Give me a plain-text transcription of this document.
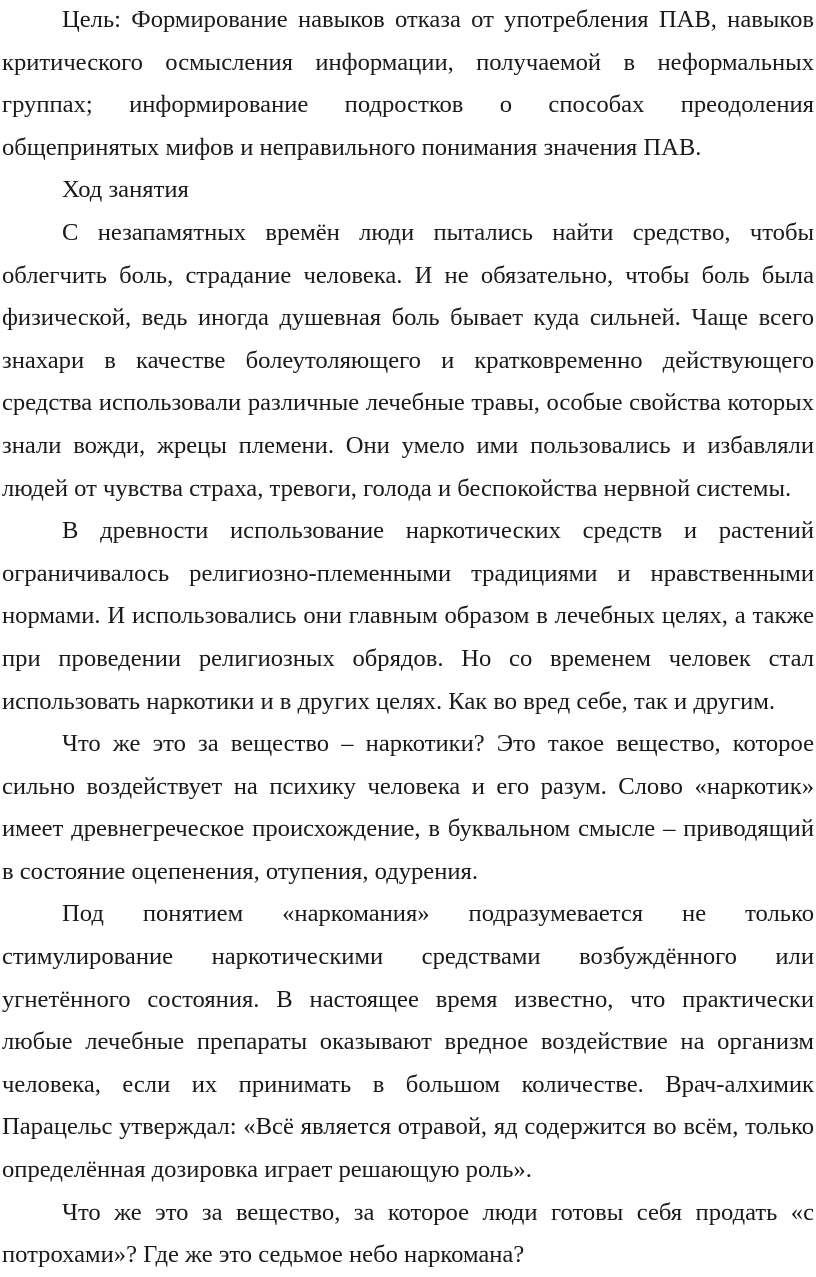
Цель: Формирование навыков отказа от употребления ПАВ, навыков критического осмысления информации, получаемой в неформальных группах; информирование подростков о способах преодоления общепринятых мифов и неправильного понимания значения ПАВ.

Ход занятия

С незапамятных времён люди пытались найти средство, чтобы облегчить боль, страдание человека. И не обязательно, чтобы боль была физической, ведь иногда душевная боль бывает куда сильней. Чаще всего знахари в качестве болеутоляющего и кратковременно действующего средства использовали различные лечебные травы, особые свойства которых знали вожди, жрецы племени. Они умело ими пользовались и избавляли людей от чувства страха, тревоги, голода и беспокойства нервной системы.

В древности использование наркотических средств и растений ограничивалось религиозно-племенными традициями и нравственными нормами. И использовались они главным образом в лечебных целях, а также при проведении религиозных обрядов. Но со временем человек стал использовать наркотики и в других целях. Как во вред себе, так и другим.

Что же это за вещество – наркотики? Это такое вещество, которое сильно воздействует на психику человека и его разум. Слово «наркотик» имеет древнегреческое происхождение, в буквальном смысле – приводящий в состояние оцепенения, отупения, одурения.

Под понятием «наркомания» подразумевается не только стимулирование наркотическими средствами возбуждённого или угнетённого состояния. В настоящее время известно, что практически любые лечебные препараты оказывают вредное воздействие на организм человека, если их принимать в большом количестве. Врач-алхимик Парацельс утверждал: «Всё является отравой, яд содержится во всём, только определённая дозировка играет решающую роль».

Что же это за вещество, за которое люди готовы себя продать «с потрохами»? Где же это седьмое небо наркомана?
